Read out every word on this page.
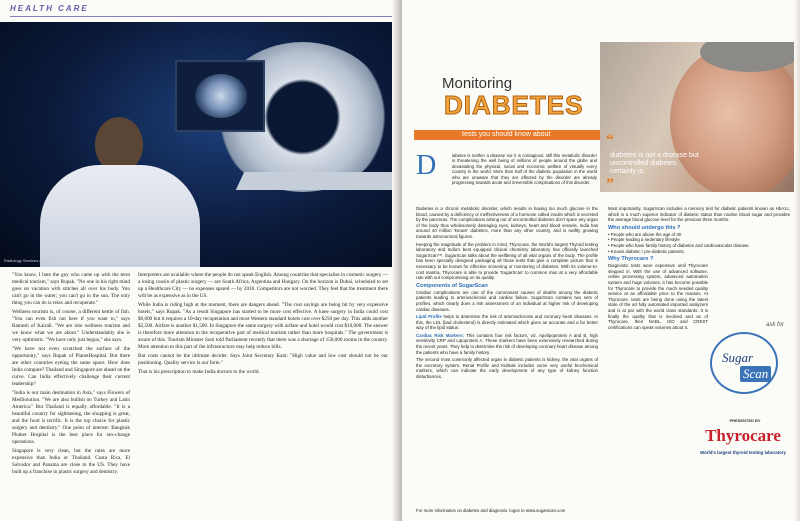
HEALTH CARE
Radiology Services (UHB)

"You know, I hate the guy who came up with the term medical tourism," says Rupak. "No one in his right mind goes on vacation with stitches all over his body. You can't go in the water; you can't go in the sun. The only thing you can do is relax and recuperate."

Wellness tourism is, of course, a different kettle of fish. "You can even fish out here if you want to," says Ramesh of Kairali. "We are into wellness tourism and we know what we are about." Understandably she is very optimistic. "We have only just begun," she says.

"We have not even scratched the surface of the opportunity," says Rupak of PlanetHospital. But there are other countries eyeing the same space. How does India compare? Thailand and Singapore are ahead on the curve. Can India effectively challenge their current leadership?

"India is our main destination in Asia," says Flowers of MedSolution. "We are also bullish on Turkey and Latin America." But Thailand is equally affordable. "It is a beautiful country for sightseeing, the shopping is great, and the food is terrific. It is the top choice for plastic surgery and dentistry." One point of interest: Bangkok Phuket Hospital is the best place for sex-change operations.

Singapore is very clean, but the rates are more expensive than India or Thailand. Costa Rica, El Salvador and Panama are close to the US. They have built up a franchise in plastic surgery and dentistry.

Interpreters are available where the people do not speak English. Among countries that specialise in cosmetic surgery — a losing cousin of plastic surgery — are South Africa, Argentina and Hungary. On the horizon is Dubai, scheduled to set up a Healthcare City — no expenses spared — by 2010. Competitors are not worried. They feel that the treatment there will be as expensive as in the US.

While India is riding high at the moment, there are dangers ahead. "The cost savings are being hit by very expensive hotels," says Rupak. "As a result Singapore has started to be more cost effective. A knee surgery in India could cost $6,000 but it requires a 10-day recuperation and most Western standard hotels cost over $250 per day. This adds another $2,500. Airfare is another $1,500. In Singapore the same surgery with airfare and hotel would cost $10,000. The answer is therefore more attention to the recuperative part of medical tourism rather than more hospitals." The government is aware of this. Tourism Minister Soni told Parliament recently that there was a shortage of 150,000 rooms in the country. More attention to this part of the infrastructure may help reduce bills.

But costs cannot be the ultimate decider. Says Joint Secretary Kant: "High value and low cost should not be our positioning. Quality service is our forte."

That is his prescription to make India doctors to the world.

Monitoring
DIABETES
“
diabetes is not a disease but uncontrolled diabetes certainly is.
”
tests you should know about
D	iabetes is neither a disease nor it is contagious; still this metabolic disorder is threatening the well being of millions of people around the globe and devastating the physical, social and economic welfare of virtually every country in the world. More than half of the diabetic population in the world who are unaware that they are affected by the disorder are already progressing towards acute and irreversible complications of this disorder.

Diabetes is a chronic metabolic disorder, which results in having too much glucose in the blood, caused by a deficiency or ineffectiveness of a hormone called insulin which is secreted by the pancreas. The complications arising out of uncontrolled diabetes don't spare any organ of the body thus wholesomely damaging eyes, kidneys, heart and blood vessels. India has around 40 million 'known' diabetics, more than any other country, and is swiftly growing towards astronomical figures.

Keeping the magnitude of the problem in mind, Thyrocare, the World's largest Thyroid testing laboratory and India's best equipped clinical chemistry laboratory has officially launched SugarScan™. SugarScan talks about the wellbeing of all vital organs of the body. The profile has been specially designed packaging all those tests that give a complete picture that is necessary to be known for effective screening or monitoring of diabetes. With its volume-to-cost mantra, Thyrocare is able to provide 'SugarScan' to common man at a very affordable rate with out compromising on its quality.

Components of SugarScan

Cardiac complications are one of the commonest causes of deaths among the diabetic patients leading to arteriosclerosis and cardiac failure. SugarScan contains two sets of profiles, which clearly does a risk assessment of an individual at higher risk of developing cardiac diseases.

Lipid Profile helps to determine the risk of arteriosclerosis and coronary heart diseases. In this, the LDL (bad cholesterol) is directly estimated which gives an accurate and a far better way of the lipid status.

Cardiac Risk Markers: This contains four risk factors, viz. Apolipoprotein A and B, high sensitivity CRP and Lipoprotein A. These markers have been extensively researched during the recent years. They help to determine the risk of developing coronary heart disease among the patients who have a family history.

The second most commonly affected organ in diabetic patients is kidney, the vital organs of the excretory system. Renal Profile and Kidleak includes some very useful biochemical markers, which can indicate the early development of any type of kidney function disturbances.

Most importantly, SugarScan includes a memory test for diabetic patients known as HbA1c, which is a much superior indicator of diabetic status than routine blood sugar and provides the average blood glucose level for the previous three months.

Who should undergo this ?
• People who are above the age of 30
• People leading a sedentary lifestyle
• People who have family history of diabetes and cardiovascular disease.
• Known diabetic / pre-diabetic patients.
Why Thyrocare ?

Diagnostic tests were expensive until Thyrocare stepped in. With the use of advanced software, online processing system, advanced automation system and huge volumes, it has become possible for Thyrocare to provide the much needed quality service at an affordable price to the masses. At Thyrocare, tests are being done using the latest state of the art fully automated imported analyzers and is at par with the world class standards. It is finally the quality that is involved and as of Thyrocare, their NABL, ISO and CREST certifications can speak volumes about it.	ask for
Sugar
Scan
PRESENTED BY
Thyrocare
World's largest thyroid testing laboratory
For more information on diabetes and diagnosis, logon to www.sugarscan.com
